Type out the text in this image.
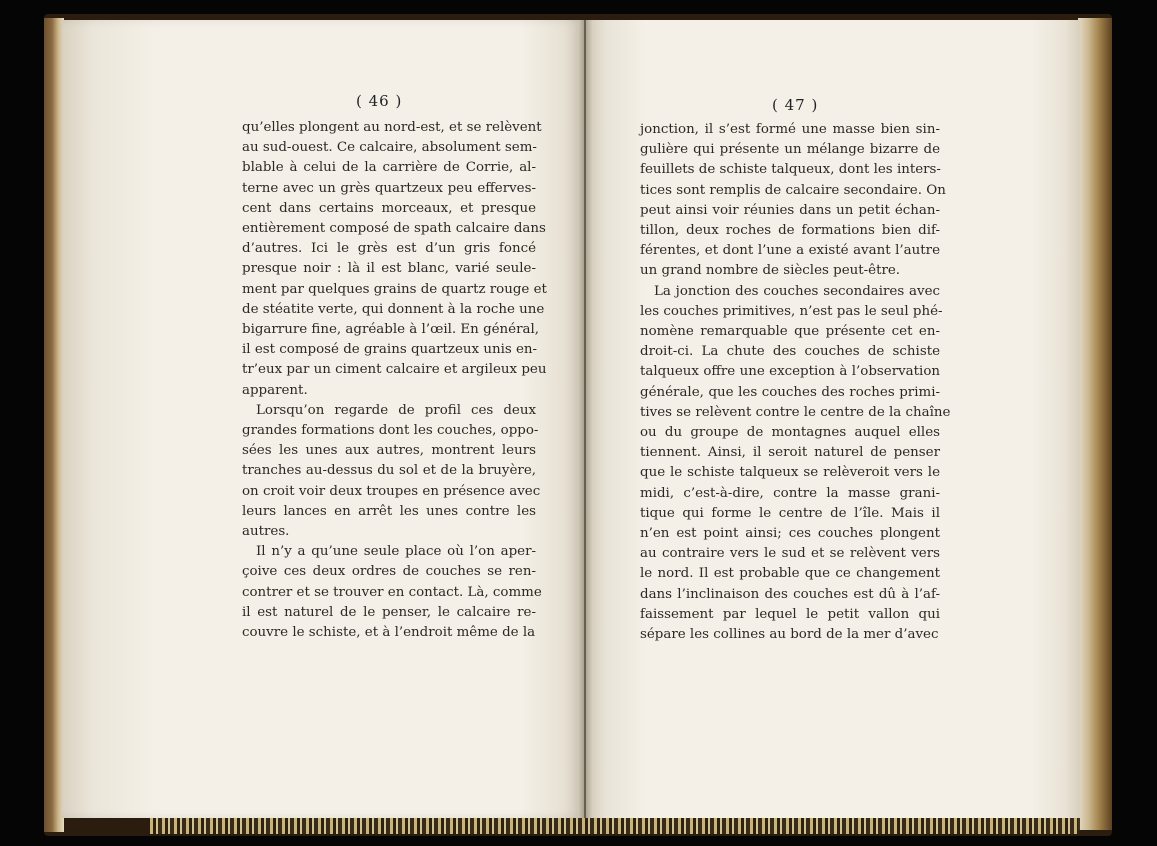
( 46 )	( 47 )
qu’elles plongent au nord-est, et se relèvent
au sud-ouest. Ce calcaire, absolument sem-
blable à celui de la carrière de Corrie, al-
terne avec un grès quartzeux peu efferves-
cent dans certains morceaux, et presque
entièrement composé de spath calcaire dans
d’autres. Ici le grès est d’un gris foncé
presque noir : là il est blanc, varié seule-
ment par quelques grains de quartz rouge et
de stéatite verte, qui donnent à la roche une
bigarrure fine, agréable à l’œil. En général,
il est composé de grains quartzeux unis en-
tr’eux par un ciment calcaire et argileux peu
apparent.
Lorsqu’on regarde de profil ces deux
grandes formations dont les couches, oppo-
sées les unes aux autres, montrent leurs
tranches au-dessus du sol et de la bruyère,
on croit voir deux troupes en présence avec
leurs lances en arrêt les unes contre les
autres.
Il n’y a qu’une seule place où l’on aper-
çoive ces deux ordres de couches se ren-
contrer et se trouver en contact. Là, comme
il est naturel de le penser, le calcaire re-
couvre le schiste, et à l’endroit même de la
jonction, il s’est formé une masse bien sin-
gulière qui présente un mélange bizarre de
feuillets de schiste talqueux, dont les inters-
tices sont remplis de calcaire secondaire. On
peut ainsi voir réunies dans un petit échan-
tillon, deux roches de formations bien dif-
férentes, et dont l’une a existé avant l’autre
un grand nombre de siècles peut-être.
La jonction des couches secondaires avec
les couches primitives, n’est pas le seul phé-
nomène remarquable que présente cet en-
droit-ci. La chute des couches de schiste
talqueux offre une exception à l’observation
générale, que les couches des roches primi-
tives se relèvent contre le centre de la chaîne
ou du groupe de montagnes auquel elles
tiennent. Ainsi, il seroit naturel de penser
que le schiste talqueux se relèveroit vers le
midi, c’est-à-dire, contre la masse grani-
tique qui forme le centre de l’île. Mais il
n’en est point ainsi; ces couches plongent
au contraire vers le sud et se relèvent vers
le nord. Il est probable que ce changement
dans l’inclinaison des couches est dû à l’af-
faissement par lequel le petit vallon qui
sépare les collines au bord de la mer d’avec
